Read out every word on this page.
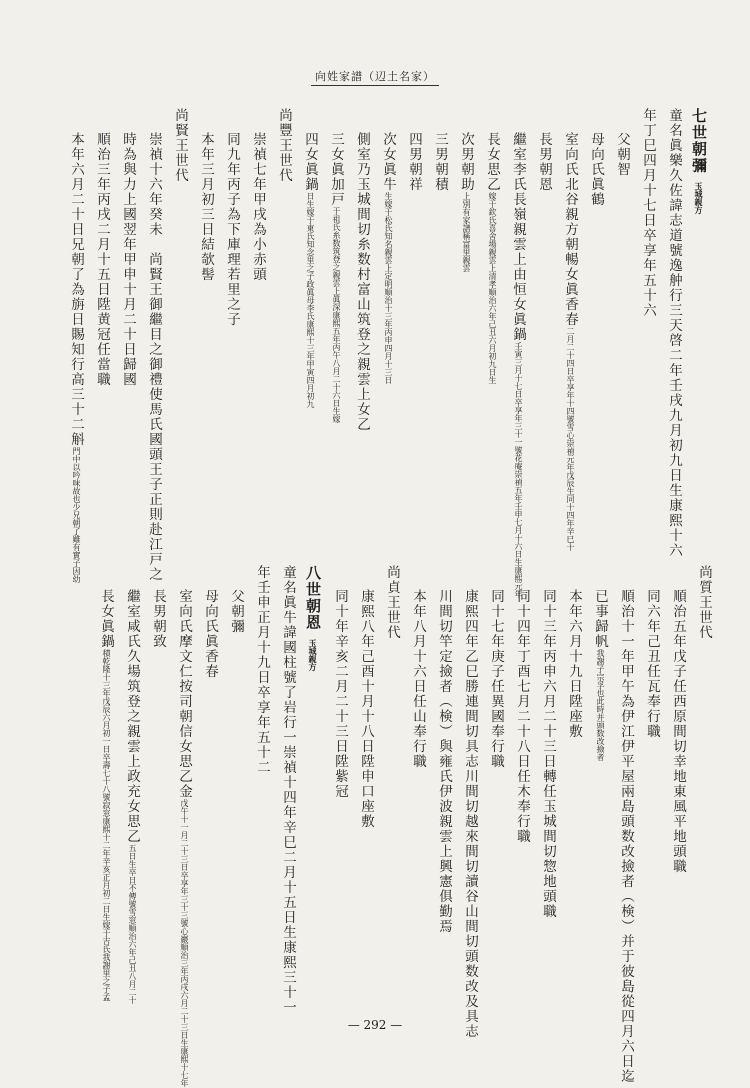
向姓家譜（辺土名家）
七世朝彌　玉城親方
童名眞樂久佐諱志道號逸舯行三天啓二年壬戌九月初九日生康熙十六
年丁巳四月十七日卒享年五十六
父朝智
母向氏眞鶴
室向氏北谷親方朝暢女眞香春
崇禎元年戊辰生同十四年辛巳十
二月二十四日卒享年十四號雪心
長男朝恩
繼室李氏長嶺親雲上由恒女眞鍋
崇禎五年壬申七月十六日生康熙元年
壬寅三月十七日卒享年三十一號花庵
長女思乙
順治六年己丑六月初九日生
嫁于欽氏喜舍場親雲上清孝
次男朝助
稱富里親雲
上別有家譜
三男朝積
四男朝祥
次女眞牛
順治十三年丙申四月十三日
生嫁于松氏知名親雲上定明
側室乃玉城間切糸数村富山筑登之親雲上女乙
三女眞加戸
康熙五年丙午八月二十六日生嫁
于祖氏糸数筑登之親雲上眞深
四女眞鍋
母李氏康熙十三年甲寅四月初九
日生嫁于東氏知念里之子政眞
尚豐王世代
崇禎七年甲戌為小赤頭
同九年丙子為下庫理若里之子
本年三月初三日結欹髻
尚賢王世代
崇禎十六年癸未　尚賢王御繼目之御禮使馬氏國頭王子正則赴江戸之
時為與力上國翌年甲申十月二十日歸國
順治三年丙戌二月十五日陞黄冠任當職
本年六月二十日兄朝了為旃日賜知行高三十二斛
少兄朝了雖有實子因幼
門中以吟味故也
尚質王世代
順治五年戊子任西原間切幸地東風平地頭職
同六年己丑任瓦奉行職
順治十一年甲午為伊江伊平屋兩島頭数改撿者（検）并于彼島從四月六日迄
已事歸帆
此時并頭数改撿者
我謝子宗孚也
本年六月十九日陞座敷
同十三年丙申六月二十三日轉任玉城間切惣地頭職
同十四年丁酉七月二十八日任木奉行職
同十七年庚子任異國奉行職
康熙四年乙巳勝連間切具志川間切越來間切讀谷山間切頭数改及具志
川間切竿定撿者（検）與雍氏伊波親雲上興憲俱勤焉
本年八月十六日任山奉行職
尚貞王世代
康熙八年己酉十月十八日陞申口座敷
同十年辛亥二月二十三日陞紫冠
八世朝恩　玉城親方
童名眞牛諱國柱號了岩行一崇禎十四年辛巳二月十五日生康熙三十一
年壬申正月十九日卒享年五十二
父朝彌
母向氏眞香春
室向氏摩文仁按司朝信女思乙金
順治三年丙戌六月二十三日生康熙十七年
戊午十一月二十三日卒享年三十三號心巖
長男朝致
繼室咸氏久場筑登之親雲上政充女思乙
順治六年己丑八月二十
五日生卒日不傳號雪窓
長女眞鍋
康熙十二年辛亥正月初二日生嫁于吉氏我謝里之子孟
積乾隆十三年戊辰六月初一日卒壽七十八號寂窓
— 292 —
